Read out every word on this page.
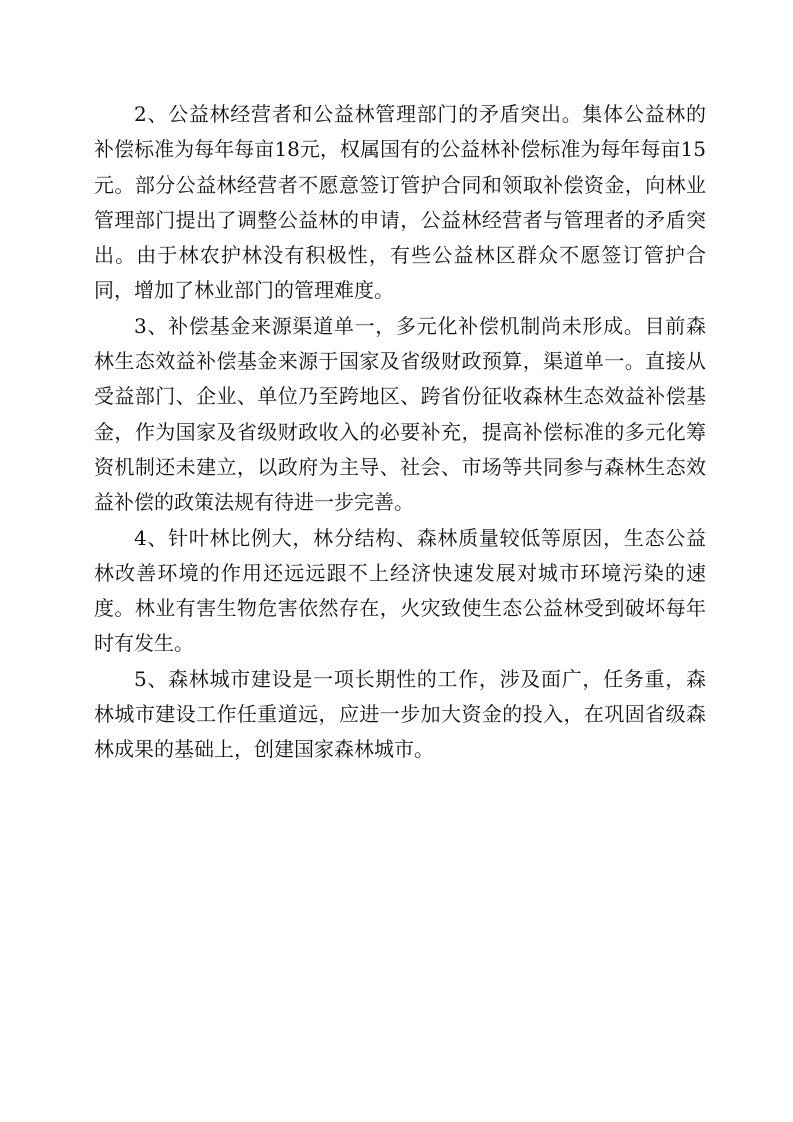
2、公益林经营者和公益林管理部门的矛盾突出。集体公益林的补偿标准为每年每亩18元，权属国有的公益林补偿标准为每年每亩15元。部分公益林经营者不愿意签订管护合同和领取补偿资金，向林业管理部门提出了调整公益林的申请，公益林经营者与管理者的矛盾突出。由于林农护林没有积极性，有些公益林区群众不愿签订管护合同，增加了林业部门的管理难度。

3、补偿基金来源渠道单一，多元化补偿机制尚未形成。目前森林生态效益补偿基金来源于国家及省级财政预算，渠道单一。直接从受益部门、企业、单位乃至跨地区、跨省份征收森林生态效益补偿基金，作为国家及省级财政收入的必要补充，提高补偿标准的多元化筹资机制还未建立，以政府为主导、社会、市场等共同参与森林生态效益补偿的政策法规有待进一步完善。

4、针叶林比例大，林分结构、森林质量较低等原因，生态公益林改善环境的作用还远远跟不上经济快速发展对城市环境污染的速度。林业有害生物危害依然存在，火灾致使生态公益林受到破坏每年时有发生。

5、森林城市建设是一项长期性的工作，涉及面广，任务重，森林城市建设工作任重道远，应进一步加大资金的投入，在巩固省级森林成果的基础上，创建国家森林城市。
